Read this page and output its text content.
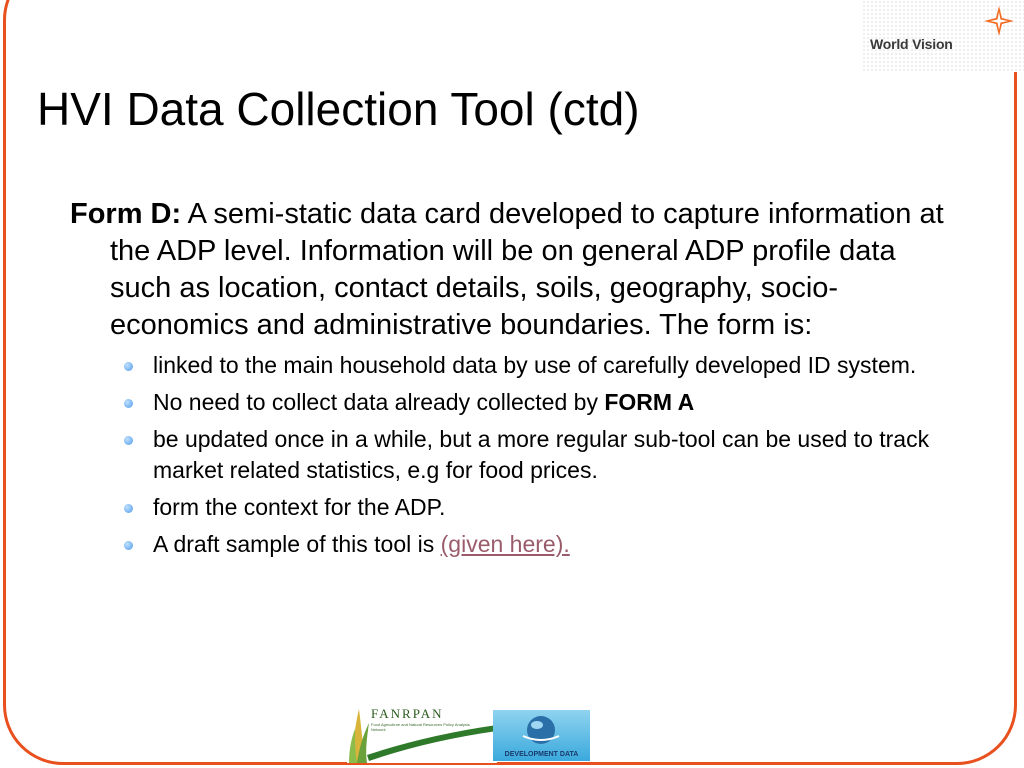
World Vision
HVI Data Collection Tool (ctd)

Form D: A semi-static data card developed to capture information at the ADP level. Information will be on general ADP profile data such as location, contact details, soils, geography, socio-economics and administrative boundaries. The form is:

linked to the main household data by use of carefully developed ID system.
No need to collect data already collected by FORM A
be updated once in a while, but a more regular sub-tool can be used to track market related statistics, e.g for food prices.
form the context for the ADP.
A draft sample of this tool is (given here).
FANRPAN
Food Agriculture and Natural Resources Policy Analysis Network
DEVELOPMENT DATA
